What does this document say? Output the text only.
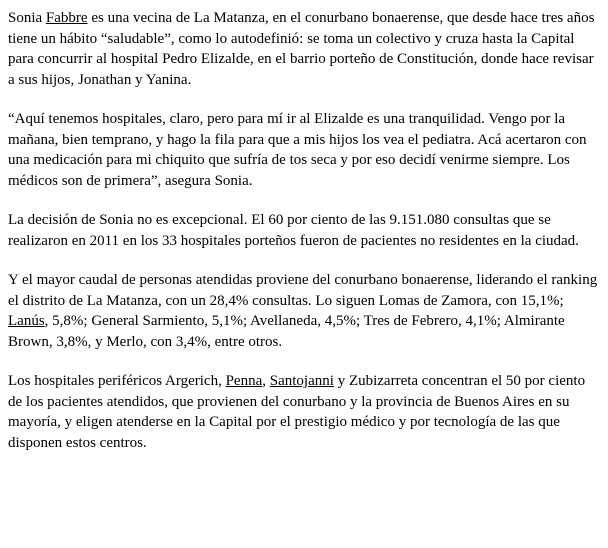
Sonia Fabbre es una vecina de La Matanza, en el conurbano bonaerense, que desde hace tres años tiene un hábito “saludable”, como lo autodefinió: se toma un colectivo y cruza hasta la Capital para concurrir al hospital Pedro Elizalde, en el barrio porteño de Constitución, donde hace revisar a sus hijos, Jonathan y Yanina.

“Aquí tenemos hospitales, claro, pero para mí ir al Elizalde es una tranquilidad. Vengo por la mañana, bien temprano, y hago la fila para que a mis hijos los vea el pediatra. Acá acertaron con una medicación para mi chiquito que sufría de tos seca y por eso decidí venirme siempre. Los médicos son de primera”, asegura Sonia.

La decisión de Sonia no es excepcional. El 60 por ciento de las 9.151.080 consultas que se realizaron en 2011 en los 33 hospitales porteños fueron de pacientes no residentes en la ciudad.

Y el mayor caudal de personas atendidas proviene del conurbano bonaerense, liderando el ranking el distrito de La Matanza, con un 28,4% consultas. Lo siguen Lomas de Zamora, con 15,1%; Lanús, 5,8%; General Sarmiento, 5,1%; Avellaneda, 4,5%; Tres de Febrero, 4,1%; Almirante Brown, 3,8%, y Merlo, con 3,4%, entre otros.

Los hospitales periféricos Argerich, Penna, Santojanni y Zubizarreta concentran el 50 por ciento de los pacientes atendidos, que provienen del conurbano y la provincia de Buenos Aires en su mayoría, y eligen atenderse en la Capital por el prestigio médico y por tecnología de las que disponen estos centros.
